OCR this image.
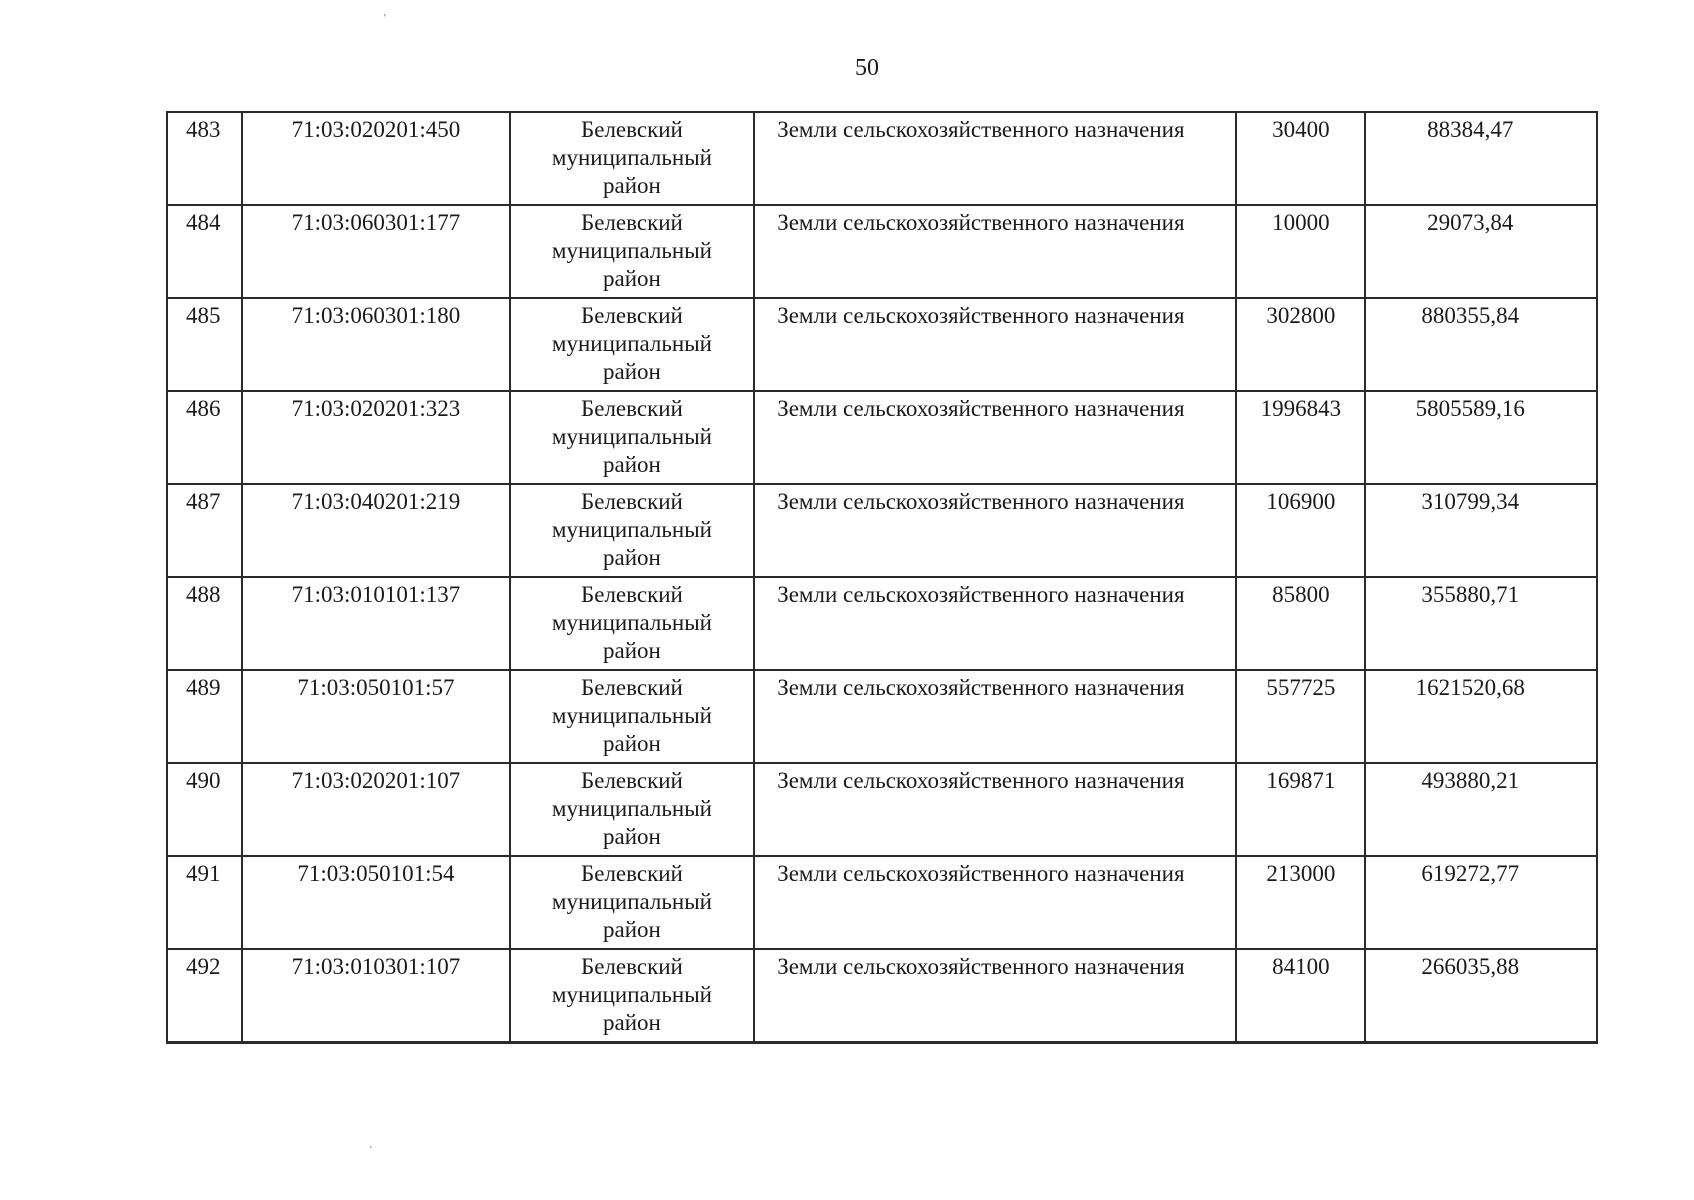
50
'
'
483	71:03:020201:450	Белевский
муниципальный
район	Земли сельскохозяйственного назначения	30400	88384,47
484	71:03:060301:177	Белевский
муниципальный
район	Земли сельскохозяйственного назначения	10000	29073,84
485	71:03:060301:180	Белевский
муниципальный
район	Земли сельскохозяйственного назначения	302800	880355,84
486	71:03:020201:323	Белевский
муниципальный
район	Земли сельскохозяйственного назначения	1996843	5805589,16
487	71:03:040201:219	Белевский
муниципальный
район	Земли сельскохозяйственного назначения	106900	310799,34
488	71:03:010101:137	Белевский
муниципальный
район	Земли сельскохозяйственного назначения	85800	355880,71
489	71:03:050101:57	Белевский
муниципальный
район	Земли сельскохозяйственного назначения	557725	1621520,68
490	71:03:020201:107	Белевский
муниципальный
район	Земли сельскохозяйственного назначения	169871	493880,21
491	71:03:050101:54	Белевский
муниципальный
район	Земли сельскохозяйственного назначения	213000	619272,77
492	71:03:010301:107	Белевский
муниципальный
район	Земли сельскохозяйственного назначения	84100	266035,88
